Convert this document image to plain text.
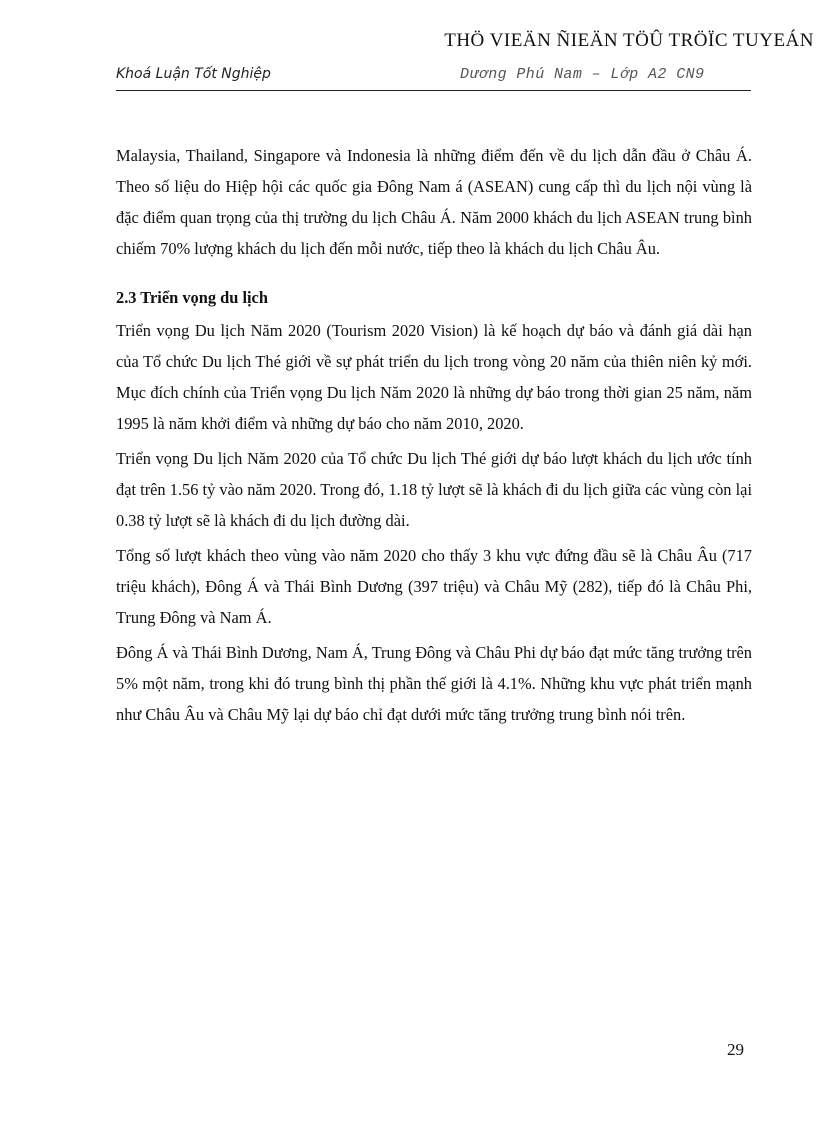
THÖ VIEÄN ÑIEÄN TÖÛ TRÖÏC TUYEÁN
Khoá Luận Tốt Nghiệp	Dương Phú Nam – Lớp A2 CN9

Malaysia, Thailand, Singapore và Indonesia là những điểm đến về du lịch dẫn đầu ở Châu Á. Theo số liệu do Hiệp hội các quốc gia Đông Nam á (ASEAN) cung cấp thì du lịch nội vùng là đặc điểm quan trọng của thị trường du lịch Châu Á. Năm 2000 khách du lịch ASEAN trung bình chiếm 70% lượng khách du lịch đến mỗi nước, tiếp theo là khách du lịch Châu Âu.

2.3 Triển vọng du lịch

Triển vọng Du lịch Năm 2020 (Tourism 2020 Vision) là kế hoạch dự báo và đánh giá dài hạn của Tổ chức Du lịch Thé giới về sự phát triển du lịch trong vòng 20 năm của thiên niên kỷ mới. Mục đích chính của Triển vọng Du lịch Năm 2020 là những dự báo trong thời gian 25 năm, năm 1995 là năm khởi điểm và những dự báo cho năm 2010, 2020.

Triển vọng Du lịch Năm 2020 của Tổ chức Du lịch Thé giới dự báo lượt khách du lịch ước tính đạt trên 1.56 tỷ vào năm 2020. Trong đó, 1.18 tỷ lượt sẽ là khách đi du lịch giữa các vùng còn lại 0.38 tỷ lượt sẽ là khách đi du lịch đường dài.

Tổng số lượt khách theo vùng vào năm 2020 cho thấy 3 khu vực đứng đầu sẽ là Châu Âu (717 triệu khách), Đông Á và Thái Bình Dương (397 triệu) và Châu Mỹ (282), tiếp đó là Châu Phi, Trung Đông và Nam Á.

Đông Á và Thái Bình Dương, Nam Á, Trung Đông và Châu Phi dự báo đạt mức tăng trưởng trên 5% một năm, trong khi đó trung bình thị phần thế giới là 4.1%. Những khu vực phát triển mạnh như Châu Âu và Châu Mỹ lại dự báo chỉ đạt dưới mức tăng trưởng trung bình nói trên.

29
